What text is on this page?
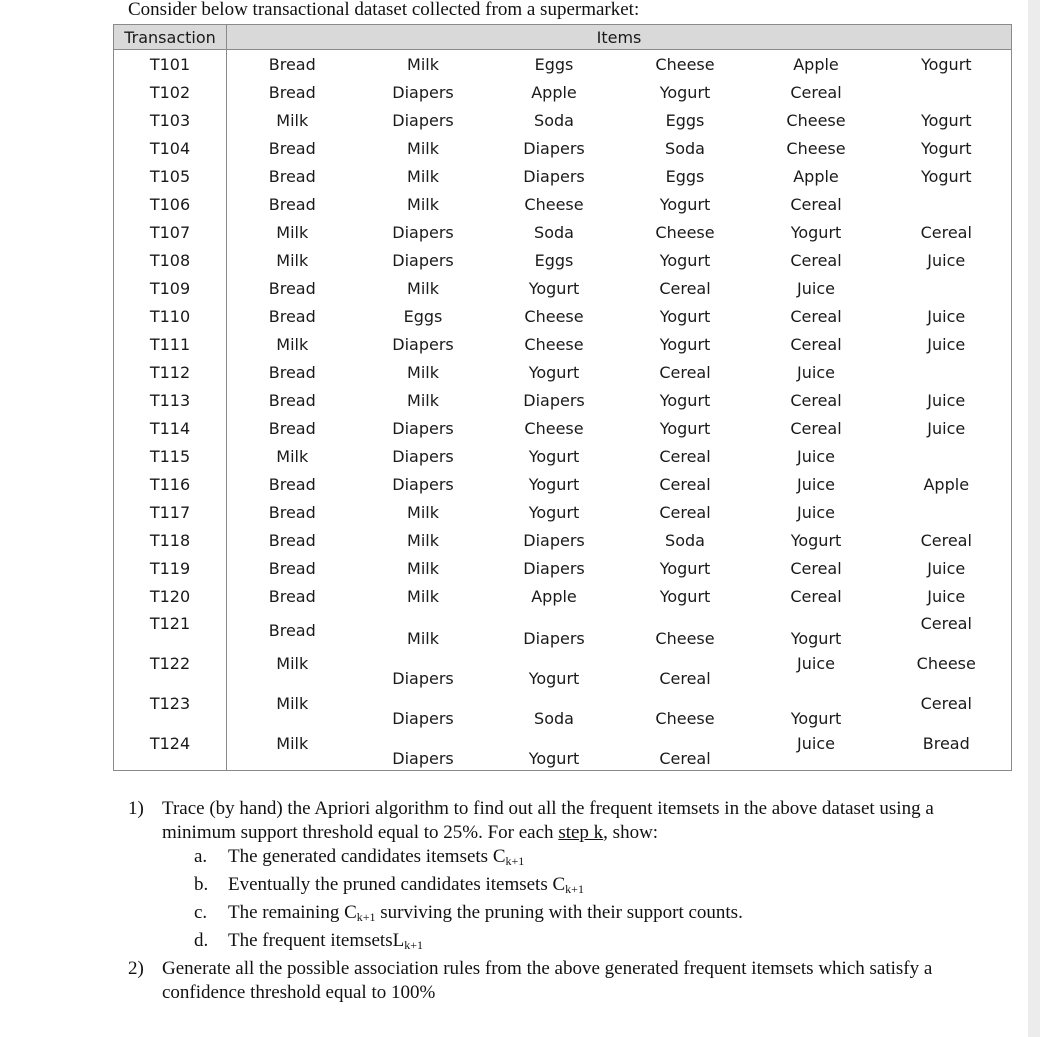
Consider below transactional dataset collected from a supermarket:
Transaction	Items					

T101	Bread	Milk	Eggs	Cheese	Apple	Yogurt

T102	Bread	Diapers	Apple	Yogurt	Cereal	

T103	Milk	Diapers	Soda	Eggs	Cheese	Yogurt

T104	Bread	Milk	Diapers	Soda	Cheese	Yogurt

T105	Bread	Milk	Diapers	Eggs	Apple	Yogurt

T106	Bread	Milk	Cheese	Yogurt	Cereal	

T107	Milk	Diapers	Soda	Cheese	Yogurt	Cereal

T108	Milk	Diapers	Eggs	Yogurt	Cereal	Juice

T109	Bread	Milk	Yogurt	Cereal	Juice	

T110	Bread	Eggs	Cheese	Yogurt	Cereal	Juice

T111	Milk	Diapers	Cheese	Yogurt	Cereal	Juice

T112	Bread	Milk	Yogurt	Cereal	Juice	

T113	Bread	Milk	Diapers	Yogurt	Cereal	Juice

T114	Bread	Diapers	Cheese	Yogurt	Cereal	Juice

T115	Milk	Diapers	Yogurt	Cereal	Juice	

T116	Bread	Diapers	Yogurt	Cereal	Juice	Apple

T117	Bread	Milk	Yogurt	Cereal	Juice	

T118	Bread	Milk	Diapers	Soda	Yogurt	Cereal

T119	Bread	Milk	Diapers	Yogurt	Cereal	Juice

T120	Bread	Milk	Apple	Yogurt	Cereal	Juice

T121	Bread	Milk	Diapers	Cheese	Yogurt	Cereal

T122	Milk	Diapers	Yogurt	Cereal	Juice	Cheese

T123	Milk	Diapers	Soda	Cheese	Yogurt	Cereal

T124	Milk	Diapers	Yogurt	Cereal	Juice	Bread
1) Trace (by hand) the Apriori algorithm to find out all the frequent itemsets in the above dataset using a minimum support threshold equal to 25%. For each step k, show:
a.	The generated candidates itemsets $C_{k+1}$
b.	Eventually the pruned candidates itemsets $C_{k+1}$
c.	The remaining $C_{k+1}$ surviving the pruning with their support counts.
d.	The frequent itemsetsL$_{k+1}$
2) Generate all the possible association rules from the above generated frequent itemsets which satisfy a confidence threshold equal to 100%
